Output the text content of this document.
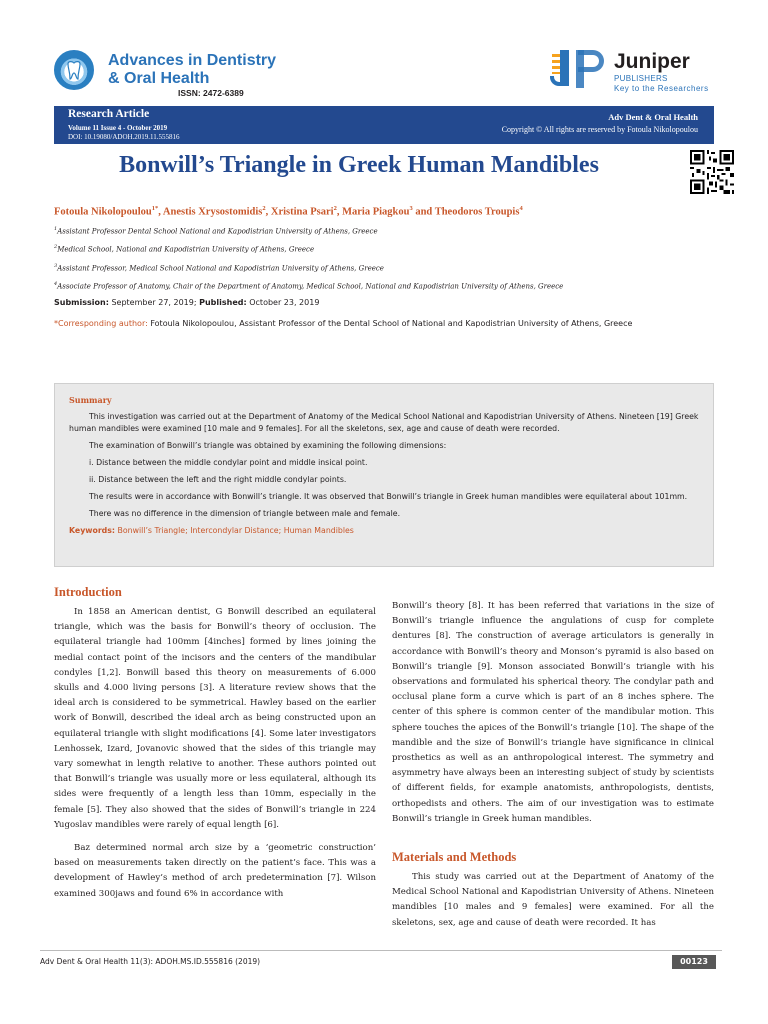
Advances in Dentistry
& Oral Health
ISSN: 2472-6389
Juniper
PUBLISHERS
Key to the Researchers
Research Article
Volume 11 Issue 4 - October 2019
DOI: 10.19080/ADOH.2019.11.555816
Adv Dent & Oral Health
Copyright © All rights are reserved by Fotoula Nikolopoulou
Bonwill’s Triangle in Greek Human Mandibles
Fotoula Nikolopoulou$^{1*}$, Anestis Xrysostomidis$^2$, Xristina Psari$^2$, Maria Piagkou$^3$ and Theodoros Troupis$^4$
$^1$Assistant Professor Dental School National and Kapodistrian University of Athens, Greece
$^2$Medical School, National and Kapodistrian University of Athens, Greece
$^3$Assistant Professor, Medical School National and Kapodistrian University of Athens, Greece
$^4$Associate Professor of Anatomy, Chair of the Department of Anatomy, Medical School, National and Kapodistrian University of Athens, Greece
Submission: September 27, 2019; Published: October 23, 2019
*Corresponding author: Fotoula Nikolopoulou, Assistant Professor of the Dental School of National and Kapodistrian University of Athens, Greece
Summary

This investigation was carried out at the Department of Anatomy of the Medical School National and Kapodistrian University of Athens. Nineteen [19] Greek human mandibles were examined [10 male and 9 females]. For all the skeletons, sex, age and cause of death were recorded.

The examination of Bonwill’s triangle was obtained by examining the following dimensions:

i. Distance between the middle condylar point and middle insical point.

ii. Distance between the left and the right middle condylar points.

The results were in accordance with Bonwill’s triangle. It was observed that Bonwill’s triangle in Greek human mandibles were equilateral about 101mm.

There was no difference in the dimension of triangle between male and female.

Keywords: Bonwill’s Triangle; Intercondylar Distance; Human Mandibles

Introduction

In 1858 an American dentist, G Bonwill described an equilateral triangle, which was the basis for Bonwill’s theory of occlusion. The equilateral triangle had 100mm [4inches] formed by lines joining the medial contact point of the incisors and the centers of the mandibular condyles [1,2]. Bonwill based this theory on measurements of 6.000 skulls and 4.000 living persons [3]. A literature review shows that the ideal arch is considered to be symmetrical. Hawley based on the earlier work of Bonwill, described the ideal arch as being constructed upon an equilateral triangle with slight modifications [4]. Some later investigators Lenhossek, Izard, Jovanovic showed that the sides of this triangle may vary somewhat in length relative to another. These authors pointed out that Bonwill’s triangle was usually more or less equilateral, although its sides were frequently of a length less than 10mm, especially in the female [5]. They also showed that the sides of Bonwill’s triangle in 224 Yugoslav mandibles were rarely of equal length [6].

Baz determined normal arch size by a ‘geometric construction’ based on measurements taken directly on the patient’s face. This was a development of Hawley’s method of arch predetermination [7]. Wilson examined 300jaws and found 6% in accordance with

Bonwill’s theory [8]. It has been referred that variations in the size of Bonwill’s triangle influence the angulations of cusp for complete dentures [8]. The construction of average articulators is generally in accordance with Bonwill’s theory and Monson’s pyramid is also based on Bonwill’s triangle [9]. Monson associated Bonwill’s triangle with his observations and formulated his spherical theory. The condylar path and occlusal plane form a curve which is part of an 8 inches sphere. The center of this sphere is common center of the mandibular motion. This sphere touches the apices of the Bonwill’s triangle [10]. The shape of the mandible and the size of Bonwill’s triangle have significance in clinical prosthetics as well as an anthropological interest. The symmetry and asymmetry have always been an interesting subject of study by scientists of different fields, for example anatomists, anthropologists, dentists, orthopedists and others. The aim of our investigation was to estimate Bonwill’s triangle in Greek human mandibles.

Materials and Methods

This study was carried out at the Department of Anatomy of the Medical School National and Kapodistrian University of Athens. Nineteen mandibles [10 males and 9 females] were examined. For all the skeletons, sex, age and cause of death were recorded. It has

Adv Dent & Oral Health 11(3): ADOH.MS.ID.555816 (2019)	00123
